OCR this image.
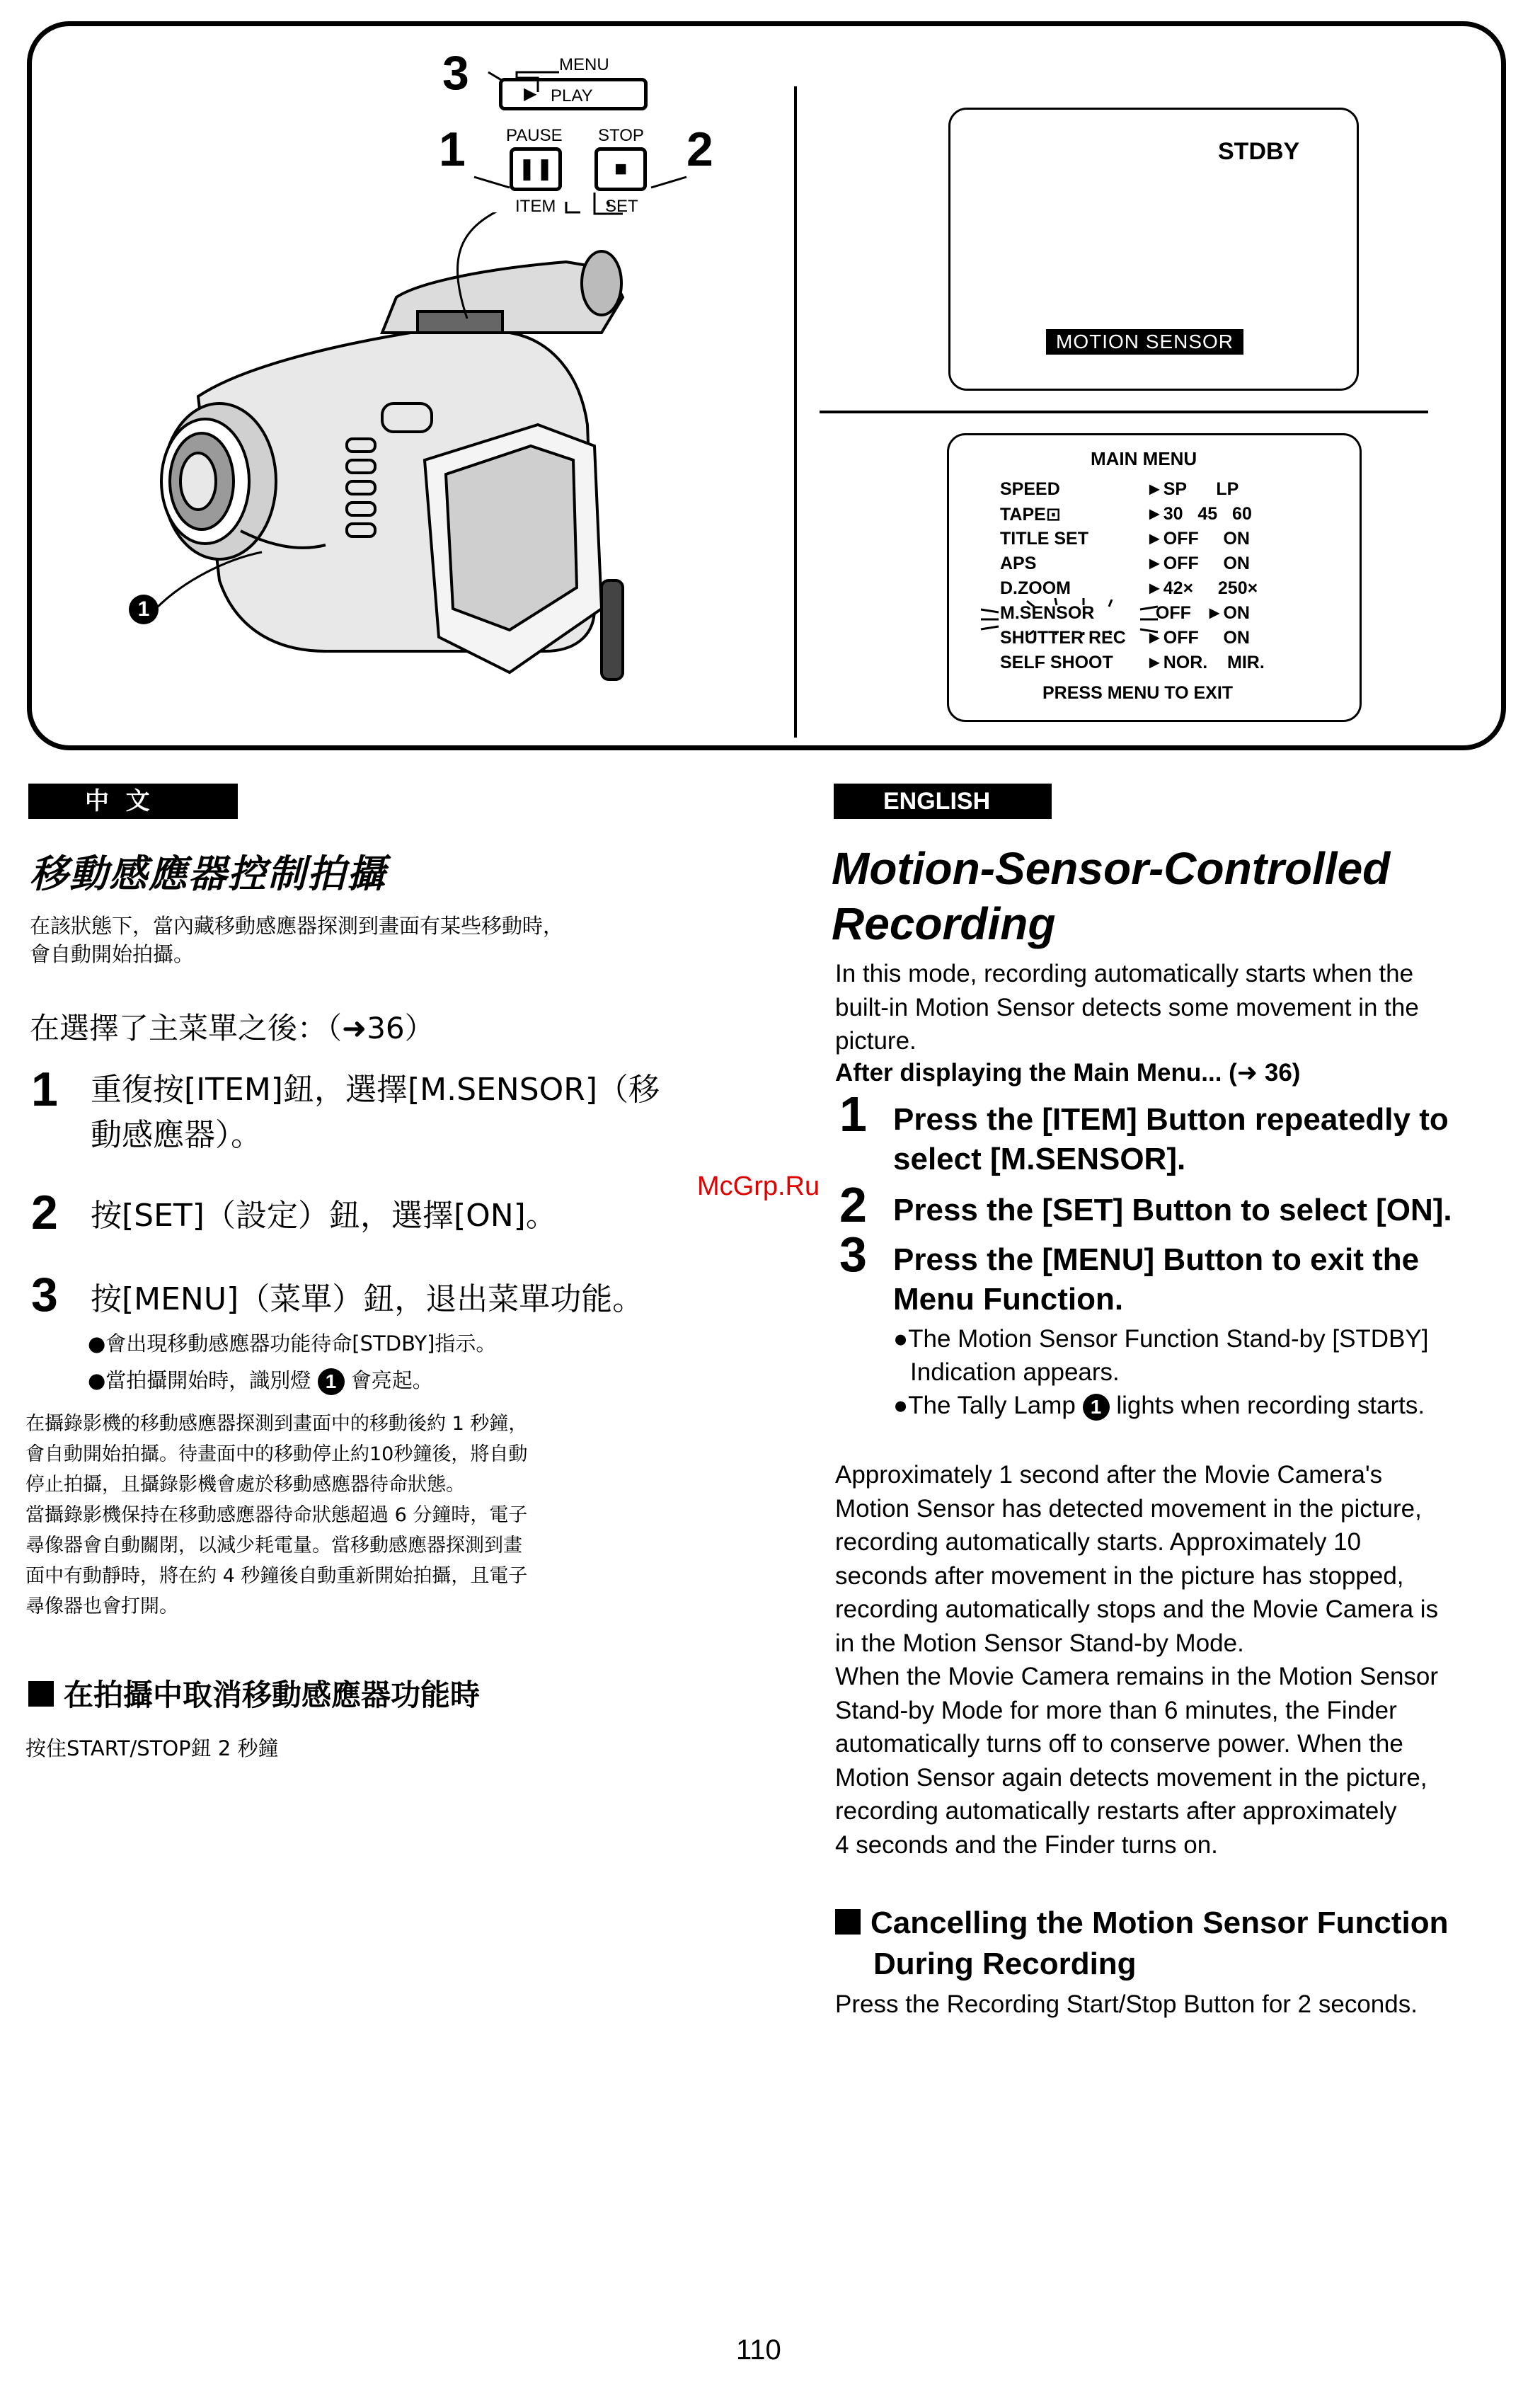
3	MENU
▶ PLAY
1 PAUSE STOP
❚❚	■	2
ITEM	SET
1
STDBY
MOTION SENSOR
MAIN MENU
SPEED	►SP      LP
TAPE⊡	►30   45   60
TITLE SET	►OFF     ON
APS	►OFF     ON
D.ZOOM	►42×     250×
M.SENSOR	OFF   ►ON
SHUTTER REC ►OFF     ON
SELF SHOOT ►NOR.    MIR.
PRESS MENU TO EXIT
中  文
移動感應器控制拍攝
在該狀態下，當內藏移動感應器探測到畫面有某些移動時，
會自動開始拍攝。
在選擇了主菜單之後：（➜36）
1 重復按[ITEM]鈕，選擇[M.SENSOR]（移
動感應器）。
2 按[SET]（設定）鈕，選擇[ON]。
3 按[MENU]（菜單）鈕，退出菜單功能。
●會出現移動感應器功能待命[STDBY]指示。
●當拍攝開始時，識別燈 1 會亮起。
在攝錄影機的移動感應器探測到畫面中的移動後約 1 秒鐘，
會自動開始拍攝。待畫面中的移動停止約10秒鐘後，將自動
停止拍攝，且攝錄影機會處於移動感應器待命狀態。
當攝錄影機保持在移動感應器待命狀態超過 6 分鐘時，電子
尋像器會自動關閉，以減少耗電量。當移動感應器探測到畫
面中有動靜時，將在約 4 秒鐘後自動重新開始拍攝，且電子
尋像器也會打開。
在拍攝中取消移動感應器功能時
按住START/STOP鈕 2 秒鐘
ENGLISH
Motion-Sensor-Controlled
Recording
In this mode, recording automatically starts when the
built-in Motion Sensor detects some movement in the
picture.
After displaying the Main Menu... (➜ 36)
1 Press the [ITEM] Button repeatedly to
select [M.SENSOR].
2 Press the [SET] Button to select [ON].
3 Press the [MENU] Button to exit the
Menu Function.
●The Motion Sensor Function Stand-by [STDBY]
Indication appears.
●The Tally Lamp 1 lights when recording starts.
Approximately 1 second after the Movie Camera's
Motion Sensor has detected movement in the picture,
recording automatically starts. Approximately 10
seconds after movement in the picture has stopped,
recording automatically stops and the Movie Camera is
in the Motion Sensor Stand-by Mode.
When the Movie Camera remains in the Motion Sensor
Stand-by Mode for more than 6 minutes, the Finder
automatically turns off to conserve power. When the
Motion Sensor again detects movement in the picture,
recording automatically restarts after approximately
4 seconds and the Finder turns on.
Cancelling the Motion Sensor Function
During Recording
Press the Recording Start/Stop Button for 2 seconds.
McGrp.Ru
110
